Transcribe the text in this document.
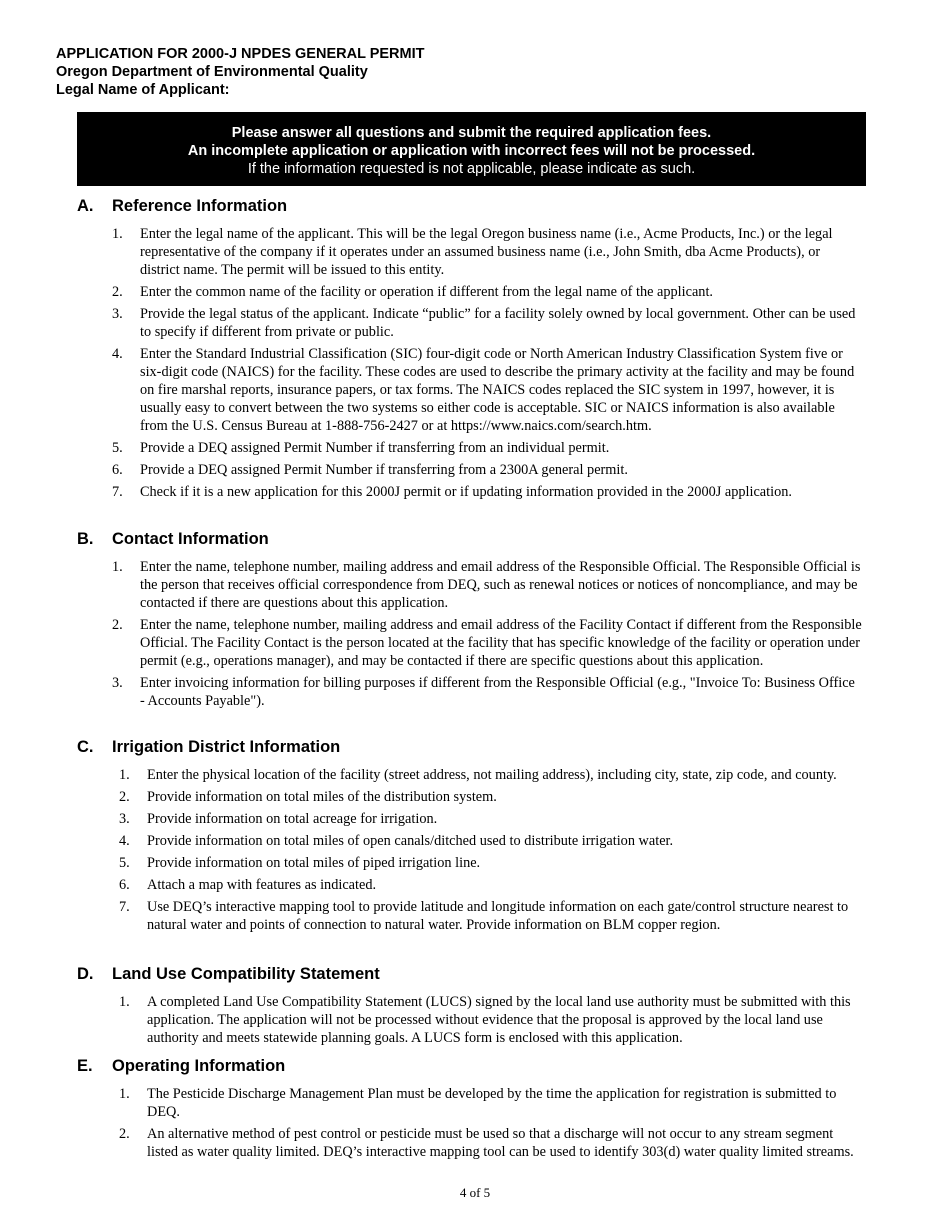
APPLICATION FOR 2000-J NPDES GENERAL PERMIT
Oregon Department of Environmental Quality
Legal Name of Applicant:
Please answer all questions and submit the required application fees.
An incomplete application or application with incorrect fees will not be processed.
If the information requested is not applicable, please indicate as such.
A. Reference Information
1. Enter the legal name of the applicant. This will be the legal Oregon business name (i.e., Acme Products, Inc.) or the legal representative of the company if it operates under an assumed business name (i.e., John Smith, dba Acme Products), or district name. The permit will be issued to this entity.
2. Enter the common name of the facility or operation if different from the legal name of the applicant.
3. Provide the legal status of the applicant. Indicate “public” for a facility solely owned by local government. Other can be used to specify if different from private or public.
4. Enter the Standard Industrial Classification (SIC) four-digit code or North American Industry Classification System five or six-digit code (NAICS) for the facility. These codes are used to describe the primary activity at the facility and may be found on fire marshal reports, insurance papers, or tax forms. The NAICS codes replaced the SIC system in 1997, however, it is usually easy to convert between the two systems so either code is acceptable. SIC or NAICS information is also available from the U.S. Census Bureau at 1-888-756-2427 or at https://www.naics.com/search.htm.
5. Provide a DEQ assigned Permit Number if transferring from an individual permit.
6. Provide a DEQ assigned Permit Number if transferring from a 2300A general permit.
7. Check if it is a new application for this 2000J permit or if updating information provided in the 2000J application.
B. Contact Information
1. Enter the name, telephone number, mailing address and email address of the Responsible Official. The Responsible Official is the person that receives official correspondence from DEQ, such as renewal notices or notices of noncompliance, and may be contacted if there are questions about this application.
2. Enter the name, telephone number, mailing address and email address of the Facility Contact if different from the Responsible Official. The Facility Contact is the person located at the facility that has specific knowledge of the facility or operation under permit (e.g., operations manager), and may be contacted if there are specific questions about this application.
3. Enter invoicing information for billing purposes if different from the Responsible Official (e.g., "Invoice To: Business Office - Accounts Payable").
C. Irrigation District Information
1. Enter the physical location of the facility (street address, not mailing address), including city, state, zip code, and county.
2. Provide information on total miles of the distribution system.
3. Provide information on total acreage for irrigation.
4. Provide information on total miles of open canals/ditched used to distribute irrigation water.
5. Provide information on total miles of piped irrigation line.
6. Attach a map with features as indicated.
7. Use DEQ’s interactive mapping tool to provide latitude and longitude information on each gate/control structure nearest to natural water and points of connection to natural water. Provide information on BLM copper region.
D. Land Use Compatibility Statement
1. A completed Land Use Compatibility Statement (LUCS) signed by the local land use authority must be submitted with this application. The application will not be processed without evidence that the proposal is approved by the local land use authority and meets statewide planning goals. A LUCS form is enclosed with this application.
E. Operating Information
1. The Pesticide Discharge Management Plan must be developed by the time the application for registration is submitted to DEQ.
2. An alternative method of pest control or pesticide must be used so that a discharge will not occur to any stream segment listed as water quality limited. DEQ’s interactive mapping tool can be used to identify 303(d) water quality limited streams.
4 of 5
